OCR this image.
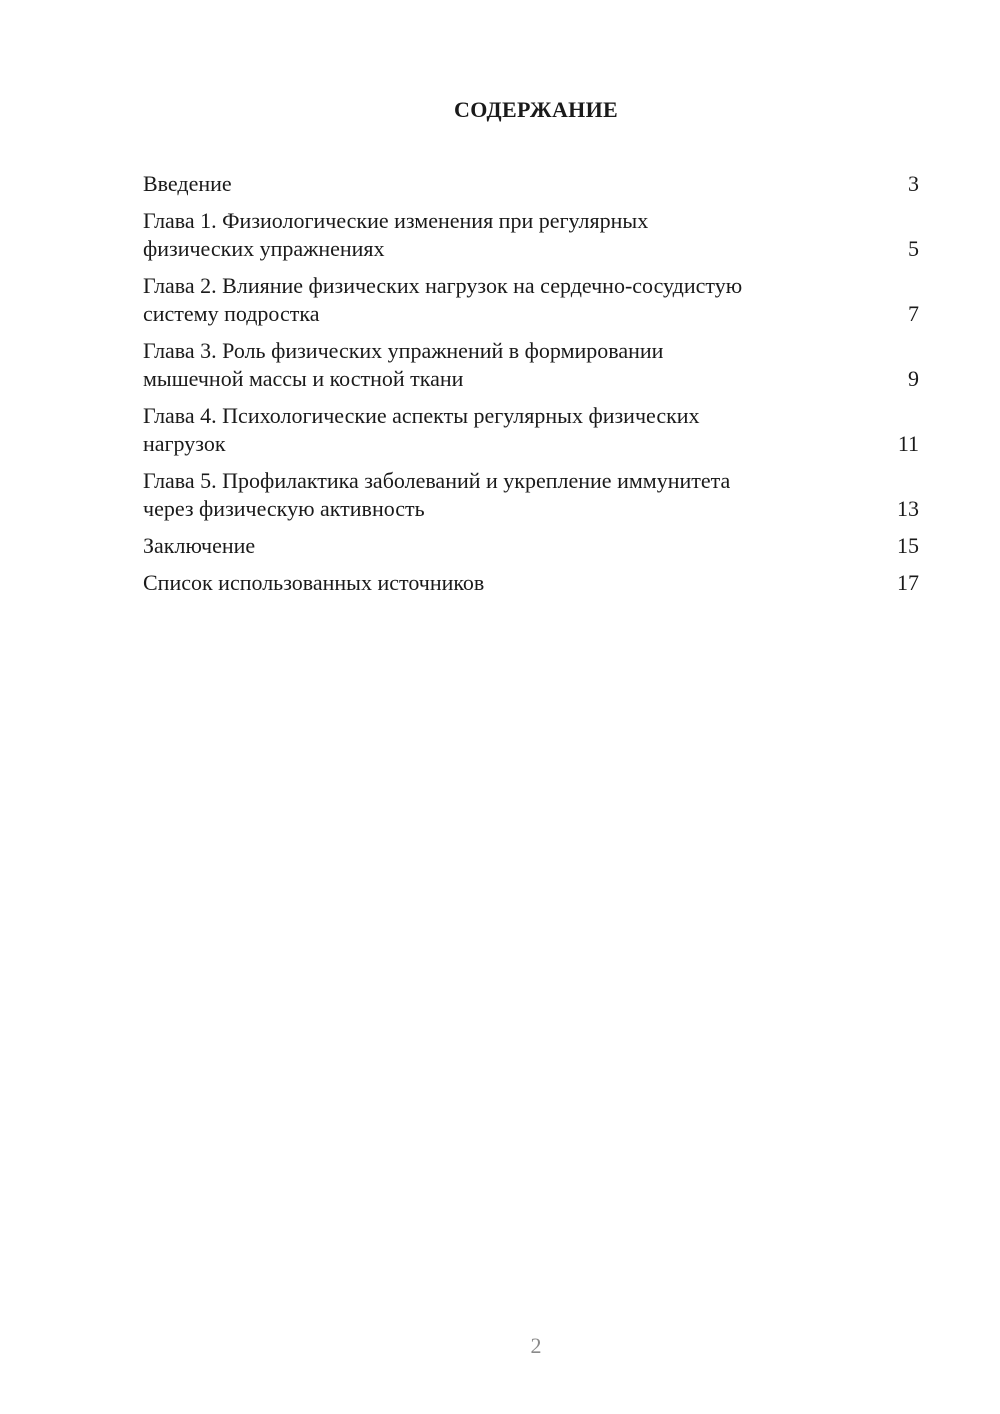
СОДЕРЖАНИЕ
Введение	3
Глава 1. Физиологические изменения при регулярных
физических упражнениях	5
Глава 2. Влияние физических нагрузок на сердечно-сосудистую
систему подростка	7
Глава 3. Роль физических упражнений в формировании
мышечной массы и костной ткани	9
Глава 4. Психологические аспекты регулярных физических
нагрузок	11
Глава 5. Профилактика заболеваний и укрепление иммунитета
через физическую активность	13
Заключение	15
Список использованных источников	17
2
